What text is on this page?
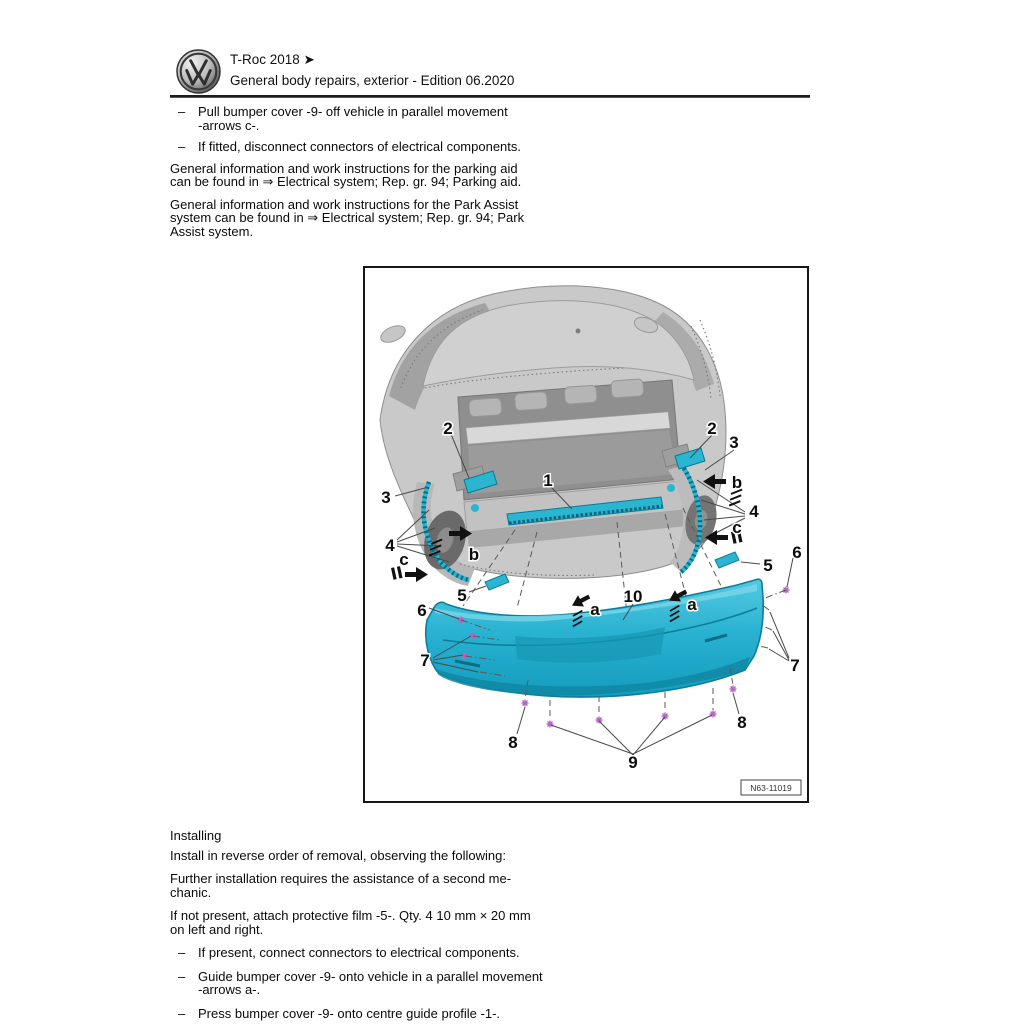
T-Roc 2018 ➤
General body repairs, exterior - Edition 06.2020
– Pull bumper cover -9- off vehicle in parallel movement
-arrows c-.
– If fitted, disconnect connectors of electrical components.
General information and work instructions for the parking aid
can be found in ⇒ Electrical system; Rep. gr. 94; Parking aid.
General information and work instructions for the Park Assist
system can be found in ⇒ Electrical system; Rep. gr. 94; Park
Assist system.
2
1
2
3
b
4
c
3
4
c	b
5
5
6
6
7	7
8
8
9
10
a	a
N63-11019
Installing
Install in reverse order of removal, observing the following:
Further installation requires the assistance of a second me-
chanic.
If not present, attach protective film -5-. Qty. 4 10 mm × 20 mm
on left and right.
– If present, connect connectors to electrical components.
– Guide bumper cover -9- onto vehicle in a parallel movement
-arrows a-.
– Press bumper cover -9- onto centre guide profile -1-.
